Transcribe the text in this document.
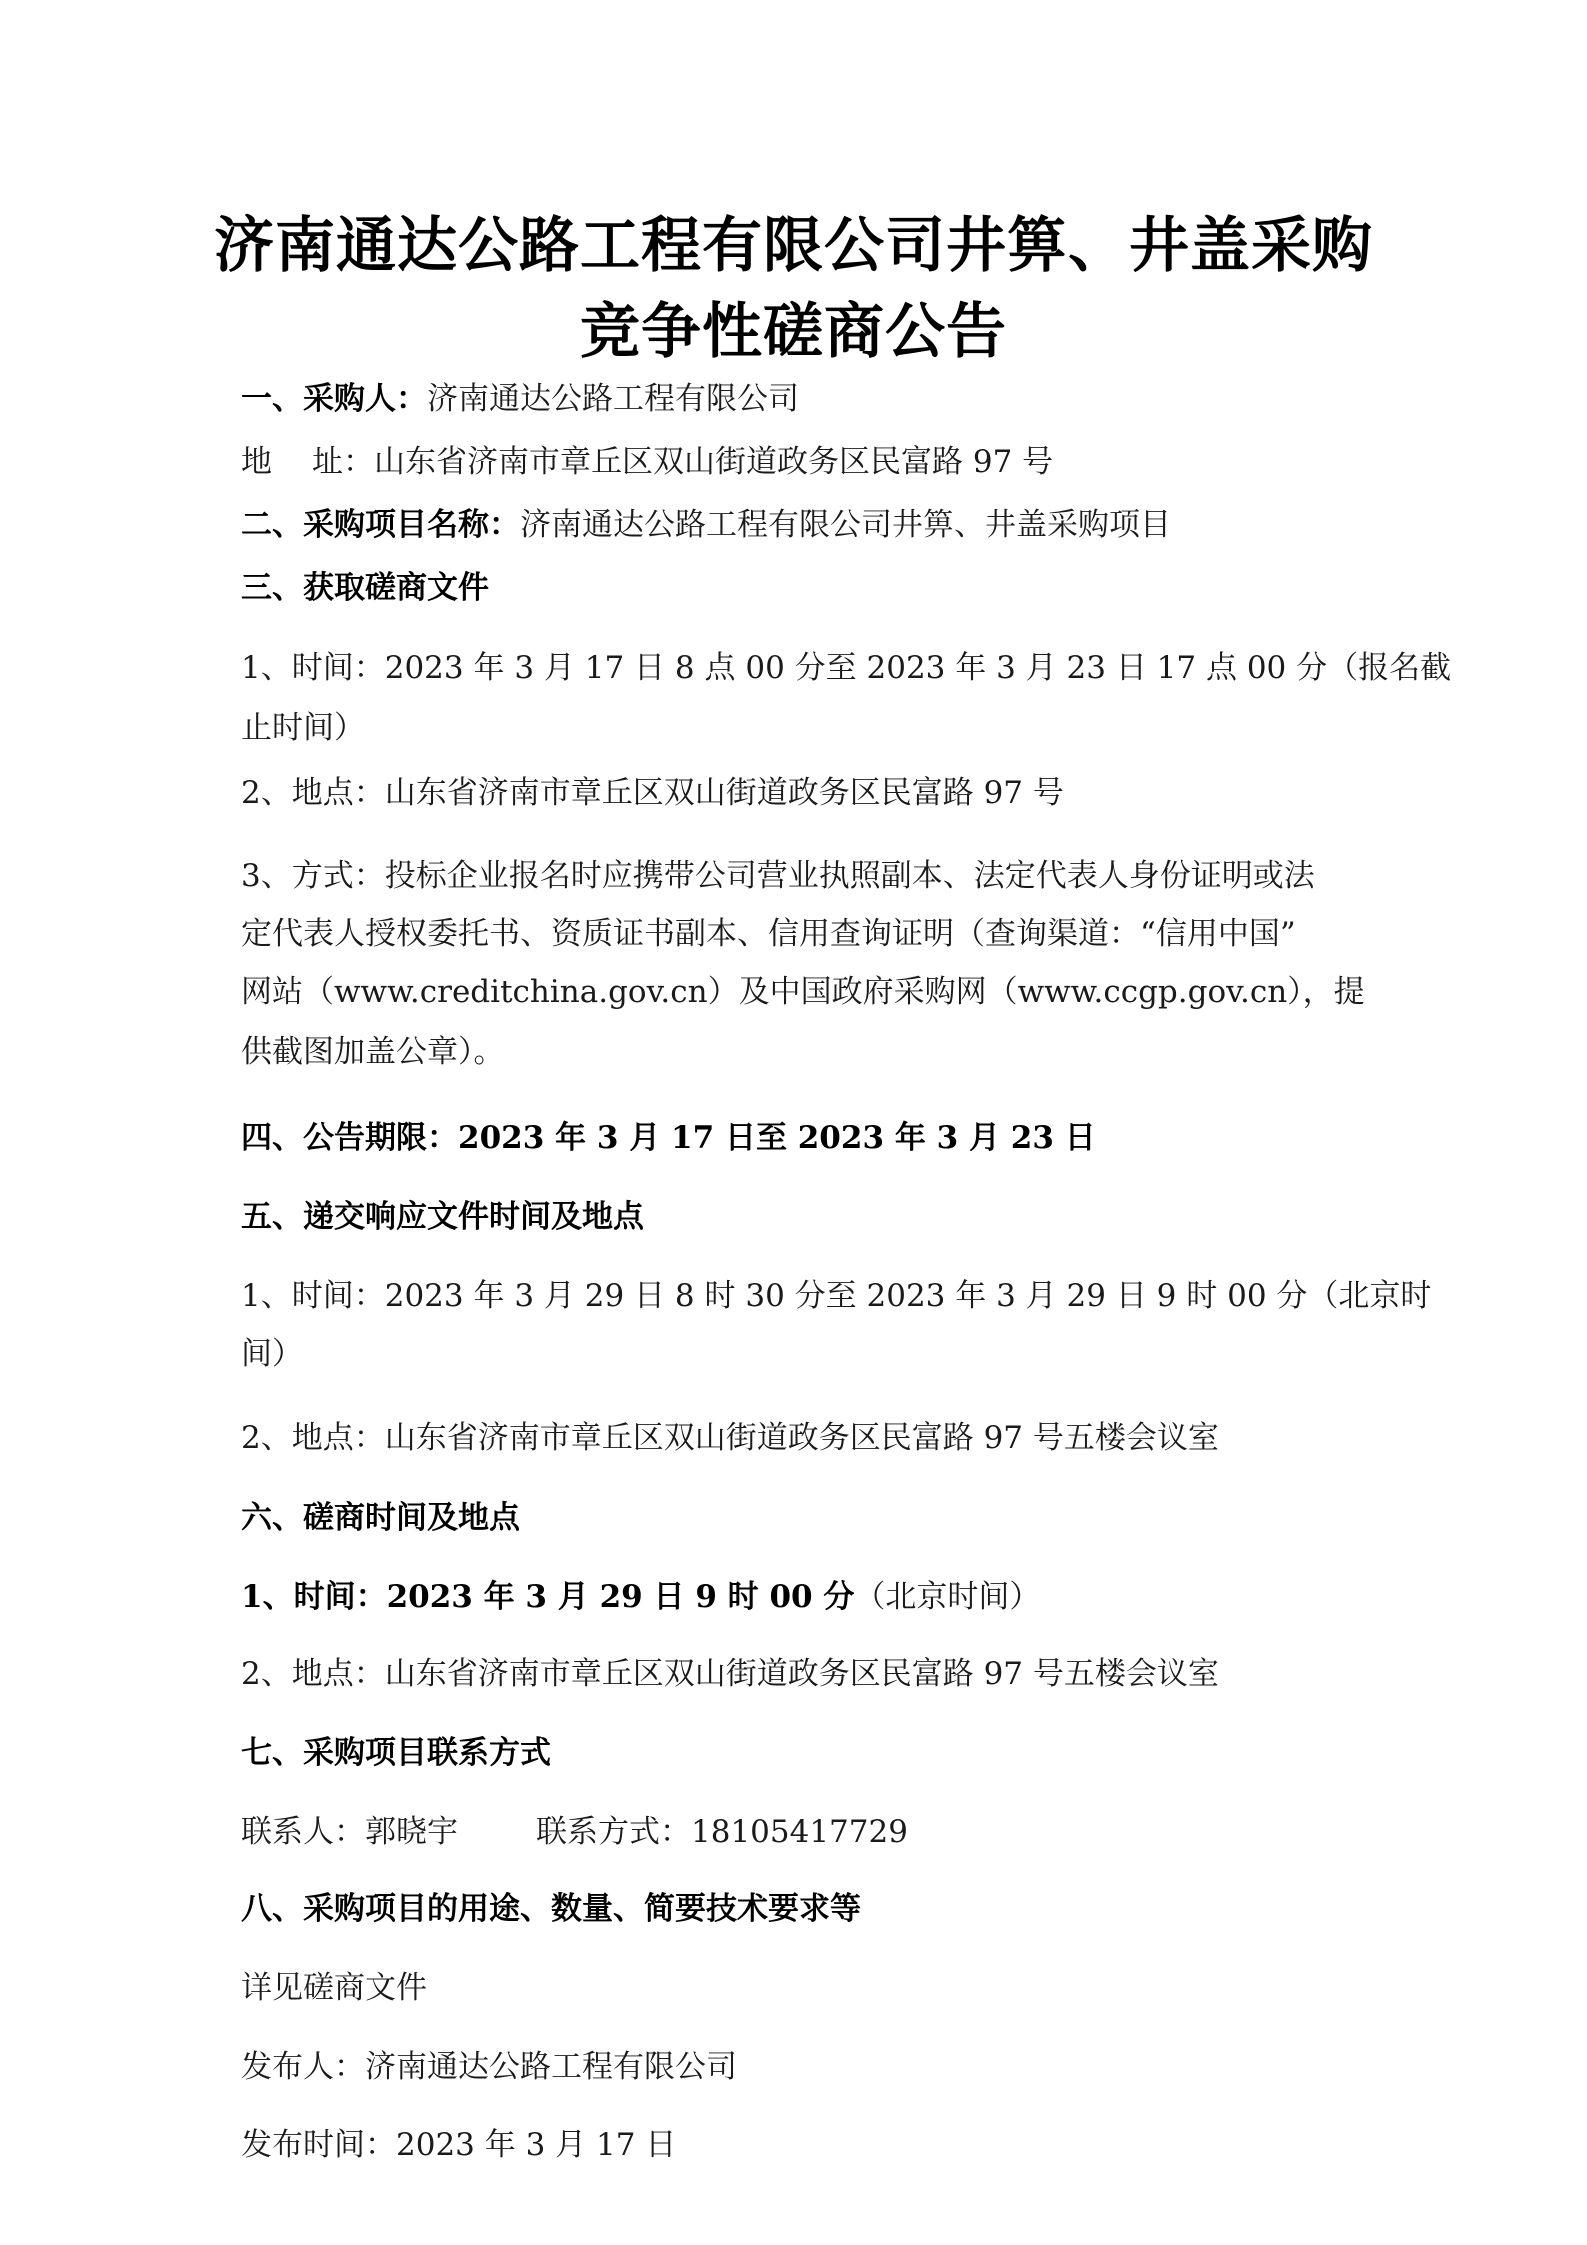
济南通达公路工程有限公司井箅、井盖采购
竞争性磋商公告
一、采购人：济南通达公路工程有限公司
地 址：山东省济南市章丘区双山街道政务区民富路 97 号
二、采购项目名称：济南通达公路工程有限公司井箅、井盖采购项目
三、获取磋商文件
1、时间：2023 年 3 月 17 日 8 点 00 分至 2023 年 3 月 23 日 17 点 00 分（报名截
止时间）
2、地点：山东省济南市章丘区双山街道政务区民富路 97 号
3、方式：投标企业报名时应携带公司营业执照副本、法定代表人身份证明或法
定代表人授权委托书、资质证书副本、信用查询证明（查询渠道：“信用中国”
网站（www.creditchina.gov.cn）及中国政府采购网（www.ccgp.gov.cn），提
供截图加盖公章）。
四、公告期限：2023 年 3 月 17 日至 2023 年 3 月 23 日
五、递交响应文件时间及地点
1、时间：2023 年 3 月 29 日 8 时 30 分至 2023 年 3 月 29 日 9 时 00 分（北京时
间）
2、地点：山东省济南市章丘区双山街道政务区民富路 97 号五楼会议室
六、磋商时间及地点
1、时间：2023 年 3 月 29 日 9 时 00 分（北京时间）
2、地点：山东省济南市章丘区双山街道政务区民富路 97 号五楼会议室
七、采购项目联系方式
联系人：郭晓宇	联系方式：18105417729
八、采购项目的用途、数量、简要技术要求等
详见磋商文件
发布人：济南通达公路工程有限公司
发布时间：2023 年 3 月 17 日
